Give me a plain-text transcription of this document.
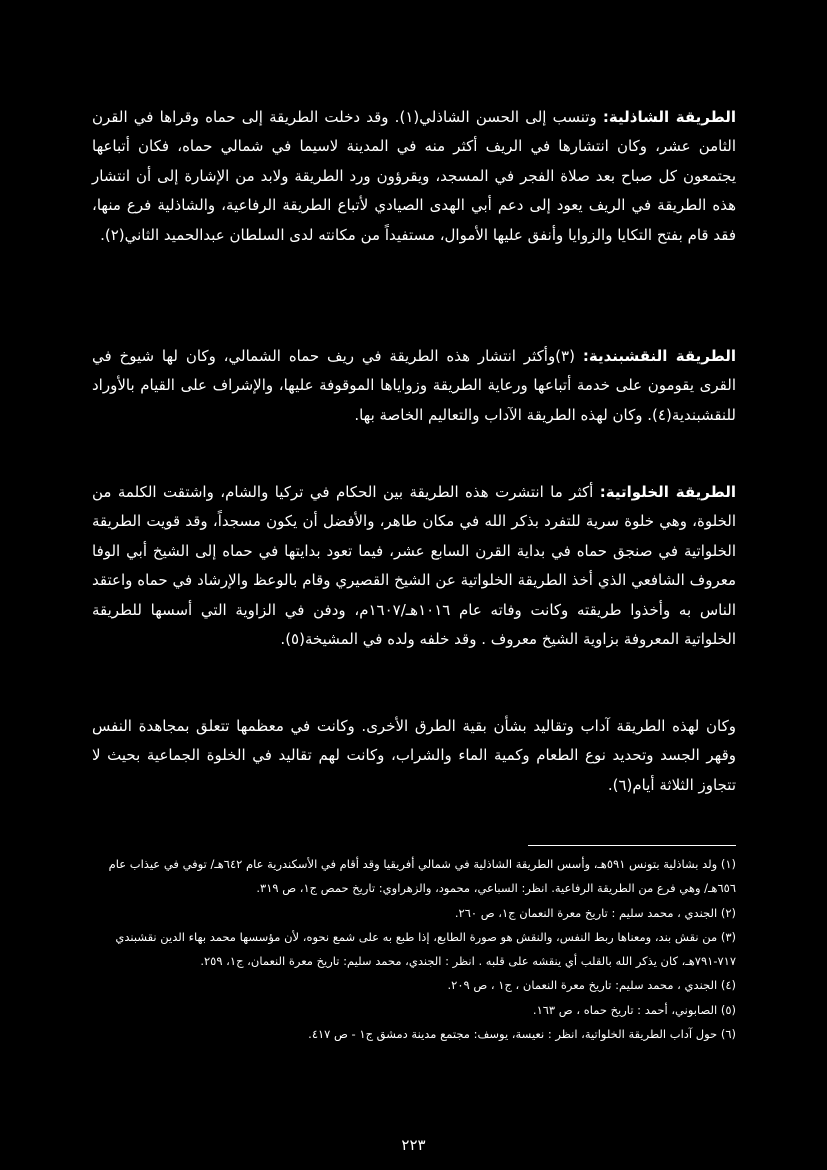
الطريقة الشاذلية: وتنسب إلى الحسن الشاذلي(١). وقد دخلت الطريقة إلى حماه وقراها في القرن الثامن عشر، وكان انتشارها في الريف أكثر منه في المدينة لاسيما في شمالي حماه، فكان أتباعها يجتمعون كل صباح بعد صلاة الفجر في المسجد، ويقرؤون ورد الطريقة ولابد من الإشارة إلى أن انتشار هذه الطريقة في الريف يعود إلى دعم أبي الهدى الصيادي لأتباع الطريقة الرفاعية، والشاذلية فرع منها، فقد قام بفتح التكايا والزوايا وأنفق عليها الأموال، مستفيداً من مكانته لدى السلطان عبدالحميد الثاني(٢).

الطريقة النقشبندية: (٣)وأكثر انتشار هذه الطريقة في ريف حماه الشمالي، وكان لها شيوخ في القرى يقومون على خدمة أتباعها ورعاية الطريقة وزواياها الموقوفة عليها، والإشراف على القيام بالأوراد للنقشبندية(٤). وكان لهذه الطريقة الآداب والتعاليم الخاصة بها.

الطريقة الخلواتية: أكثر ما انتشرت هذه الطريقة بين الحكام في تركيا والشام، واشتقت الكلمة من الخلوة، وهي خلوة سرية للتفرد بذكر الله في مكان طاهر، والأفضل أن يكون مسجداً، وقد قويت الطريقة الخلواتية في صنجق حماه في بداية القرن السابع عشر، فيما تعود بدايتها في حماه إلى الشيخ أبي الوفا معروف الشافعي الذي أخذ الطريقة الخلواتية عن الشيخ القصيري وقام بالوعظ والإرشاد في حماه واعتقد الناس به وأخذوا طريقته وكانت وفاته عام ١٠١٦هـ/١٦٠٧م، ودفن في الزاوية التي أسسها للطريقة الخلواتية المعروفة بزاوية الشيخ معروف . وقد خلفه ولده في المشيخة(٥).

وكان لهذه الطريقة آداب وتقاليد بشأن بقية الطرق الأخرى. وكانت في معظمها تتعلق بمجاهدة النفس وقهر الجسد وتحديد نوع الطعام وكمية الماء والشراب، وكانت لهم تقاليد في الخلوة الجماعية بحيث لا تتجاوز الثلاثة أيام(٦).

(١) ولد بشاذلية بتونس ٥٩١هـ، وأسس الطريقة الشاذلية في شمالي أفريقيا وقد أقام في الأسكندرية عام ٦٤٢هـ/ توفي في عيذاب عام ٦٥٦هـ/ وهي فرع من الطريقة الرفاعية. انظر: السباعي، محمود، والزهراوي: تاريخ حمص ج١، ص ٣١٩.

(٢) الجندي ، محمد سليم : تاريخ معرة النعمان ج١، ص ٢٦٠.

(٣) من نقش بند، ومعناها ربط النفس، والنقش هو صورة الطابع، إذا طبع به على شمع نحوه، لأن مؤسسها محمد بهاء الدين نقشبندي ٧١٧-٧٩١هـ، كان يذكر الله بالقلب أي ينقشه على قلبه . انظر : الجندي، محمد سليم: تاريخ معرة النعمان، ج١، ٢٥٩.

(٤) الجندي ، محمد سليم: تاريخ معرة النعمان ، ج١ ، ص ٢٠٩.

(٥) الصابوني، أحمد : تاريخ حماه ، ص ١٦٣.

(٦) حول آداب الطريقة الخلواتية، انظر : نعيسة، يوسف: مجتمع مدينة دمشق ج١ - ص ٤١٧.

٢٢٣
